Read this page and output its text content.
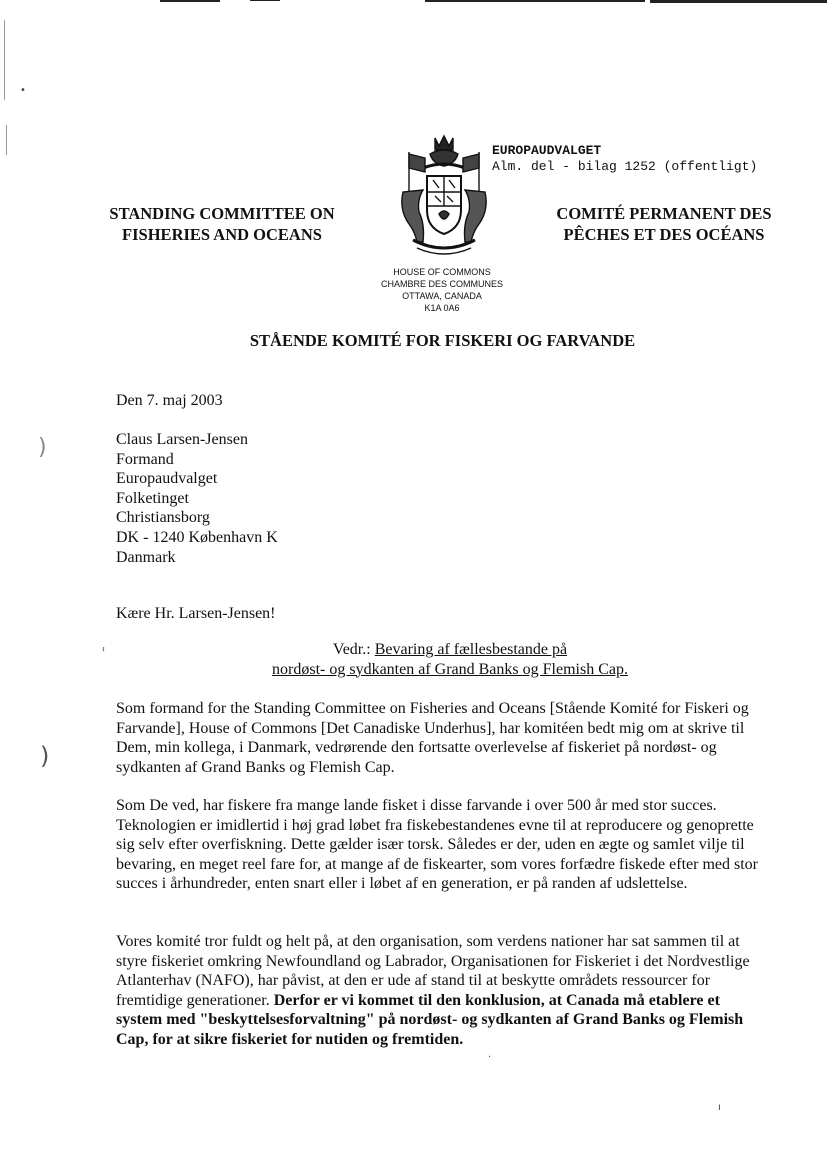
•
)
)
ⸯ
EUROPAUDVALGET
Alm. del - bilag 1252 (offentligt)
STANDING COMMITTEE ON
FISHERIES AND OCEANS
COMITÉ PERMANENT DES
PÊCHES ET DES OCÉANS
HOUSE OF COMMONS
CHAMBRE DES COMMUNES
OTTAWA, CANADA
K1A 0A6
STÅENDE KOMITÉ FOR FISKERI OG FARVANDE
Den 7. maj 2003
Claus Larsen-Jensen
Formand
Europaudvalget
Folketinget
Christiansborg
DK - 1240 København K
Danmark
Kære Hr. Larsen-Jensen!
Vedr.: Bevaring af fællesbestande på
nordøst- og sydkanten af Grand Banks og Flemish Cap.
Som formand for the Standing Committee on Fisheries and Oceans [Stående Komité for Fiskeri og Farvande], House of Commons [Det Canadiske Underhus], har komitéen bedt mig om at skrive til Dem, min kollega, i Danmark, vedrørende den fortsatte overlevelse af fiskeriet på nordøst- og sydkanten af Grand Banks og Flemish Cap.
Som De ved, har fiskere fra mange lande fisket i disse farvande i over 500 år med stor succes. Teknologien er imidlertid i høj grad løbet fra fiskebestandenes evne til at reproducere og genoprette sig selv efter overfiskning. Dette gælder især torsk. Således er der, uden en ægte og samlet vilje til bevaring, en meget reel fare for, at mange af de fiskearter, som vores forfædre fiskede efter med stor succes i århundreder, enten snart eller i løbet af en generation, er på randen af udslettelse.
Vores komité tror fuldt og helt på, at den organisation, som verdens nationer har sat sammen til at styre fiskeriet omkring Newfoundland og Labrador, Organisationen for Fiskeriet i det Nordvestlige Atlanterhav (NAFO), har påvist, at den er ude af stand til at beskytte områdets ressourcer for fremtidige generationer. Derfor er vi kommet til den konklusion, at Canada må etablere et system med "beskyttelsesforvaltning" på nordøst- og sydkanten af Grand Banks og Flemish Cap, for at sikre fiskeriet for nutiden og fremtiden.
·
ı
